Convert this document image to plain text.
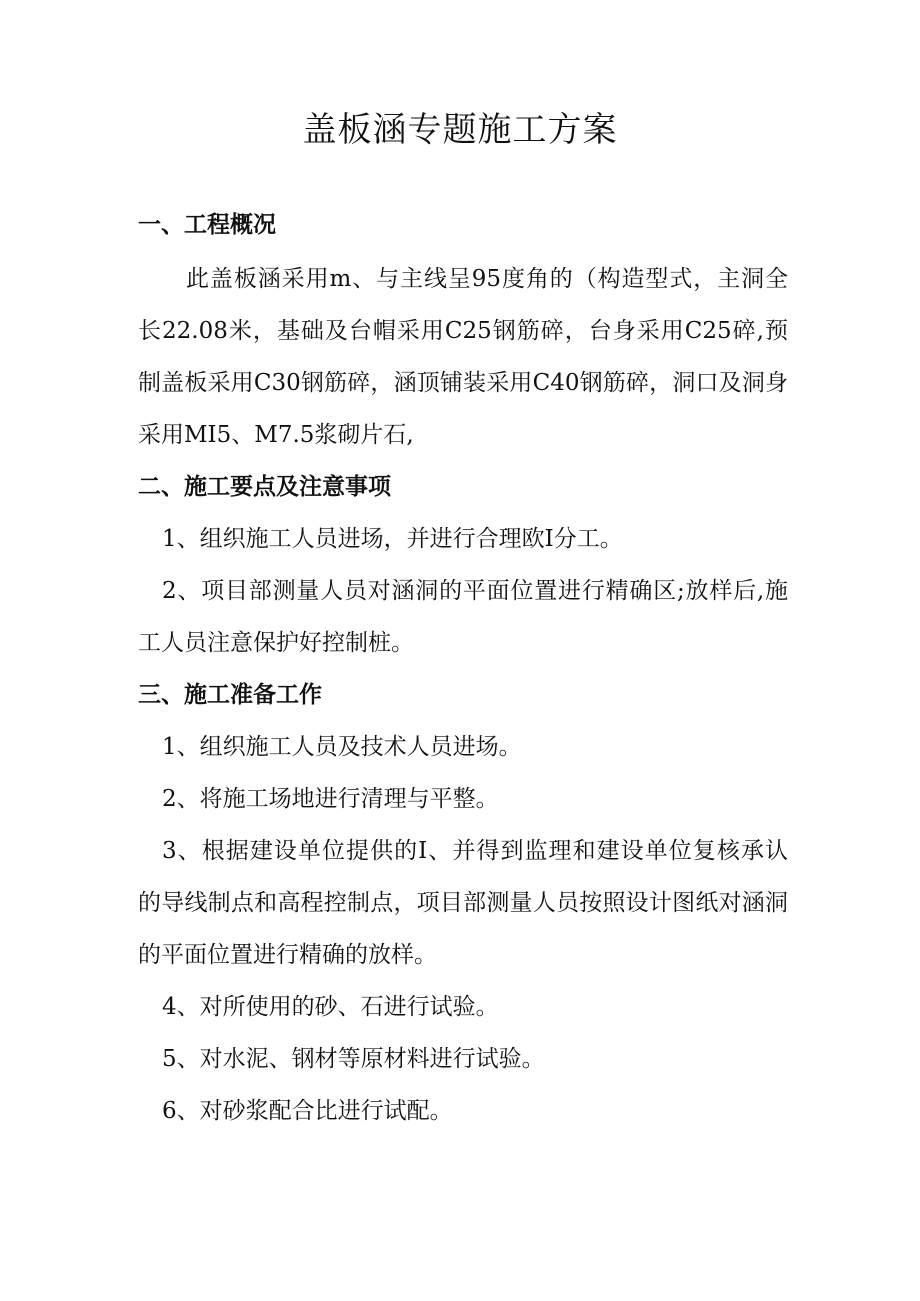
盖板涵专题施工方案
一、工程概况
此盖板涵采用m、与主线呈95度角的（构造型式，主洞全
长22.08米，基础及台帽采用C25钢筋碎，台身采用C25碎,预
制盖板采用C30钢筋碎，涵顶铺装采用C40钢筋碎，洞口及洞身
采用MI5、M7.5浆砌片石,
二、施工要点及注意事项
1、组织施工人员进场，并进行合理欧I分工。
2、项目部测量人员对涵洞的平面位置进行精确区;放样后,施
工人员注意保护好控制桩。
三、施工准备工作
1、组织施工人员及技术人员进场。
2、将施工场地进行清理与平整。
3、根据建设单位提供的I、并得到监理和建设单位复核承认
的导线制点和高程控制点，项目部测量人员按照设计图纸对涵洞
的平面位置进行精确的放样。
4、对所使用的砂、石进行试验。
5、对水泥、钢材等原材料进行试验。
6、对砂浆配合比进行试配。
